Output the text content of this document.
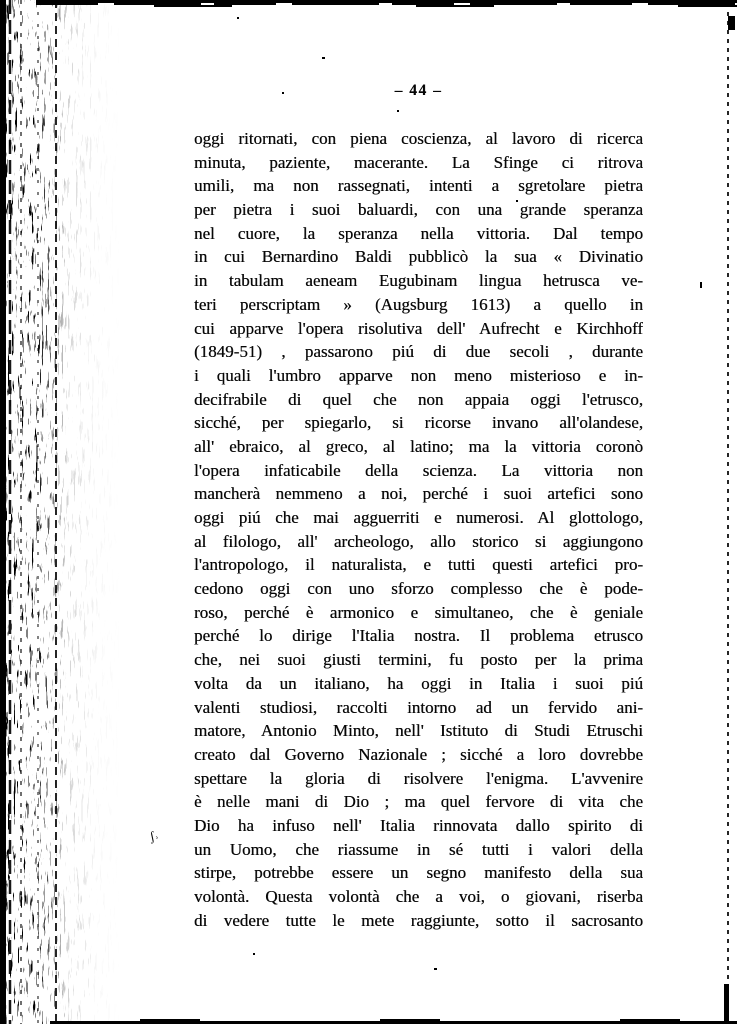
ʃ˒
– 44 –
oggi ritornati, con piena coscienza, al lavoro di ricerca
minuta, paziente, macerante. La Sfinge ci ritrova
umili, ma non rassegnati, intenti a sgretolare pietra
per pietra i suoi baluardi, con una grande speranza
nel cuore, la speranza nella vittoria. Dal tempo
in cui Bernardino Baldi pubblicò la sua « Divinatio
in tabulam aeneam Eugubinam lingua hetrusca ve-
teri perscriptam » (Augsburg 1613) a quello in
cui apparve l'opera risolutiva dell' Aufrecht e Kirchhoff
(1849-51) , passarono piú di due secoli , durante
i quali l'umbro apparve non meno misterioso e in-
decifrabile di quel che non appaia oggi l'etrusco,
sicché, per spiegarlo, si ricorse invano all'olandese,
all' ebraico, al greco, al latino; ma la vittoria coronò
l'opera infaticabile della scienza. La vittoria non
mancherà nemmeno a noi, perché i suoi artefici sono
oggi piú che mai agguerriti e numerosi. Al glottologo,
al filologo, all' archeologo, allo storico si aggiungono
l'antropologo, il naturalista, e tutti questi artefici pro-
cedono oggi con uno sforzo complesso che è pode-
roso, perché è armonico e simultaneo, che è geniale
perché lo dirige l'Italia nostra. Il problema etrusco
che, nei suoi giusti termini, fu posto per la prima
volta da un italiano, ha oggi in Italia i suoi piú
valenti studiosi, raccolti intorno ad un fervido ani-
matore, Antonio Minto, nell' Istituto di Studi Etruschi
creato dal Governo Nazionale ; sicché a loro dovrebbe
spettare la gloria di risolvere l'enigma. L'avvenire
è nelle mani di Dio ; ma quel fervore di vita che
Dio ha infuso nell' Italia rinnovata dallo spirito di
un Uomo, che riassume in sé tutti i valori della
stirpe, potrebbe essere un segno manifesto della sua
volontà. Questa volontà che a voi, o giovani, riserba
di vedere tutte le mete raggiunte, sotto il sacrosanto
